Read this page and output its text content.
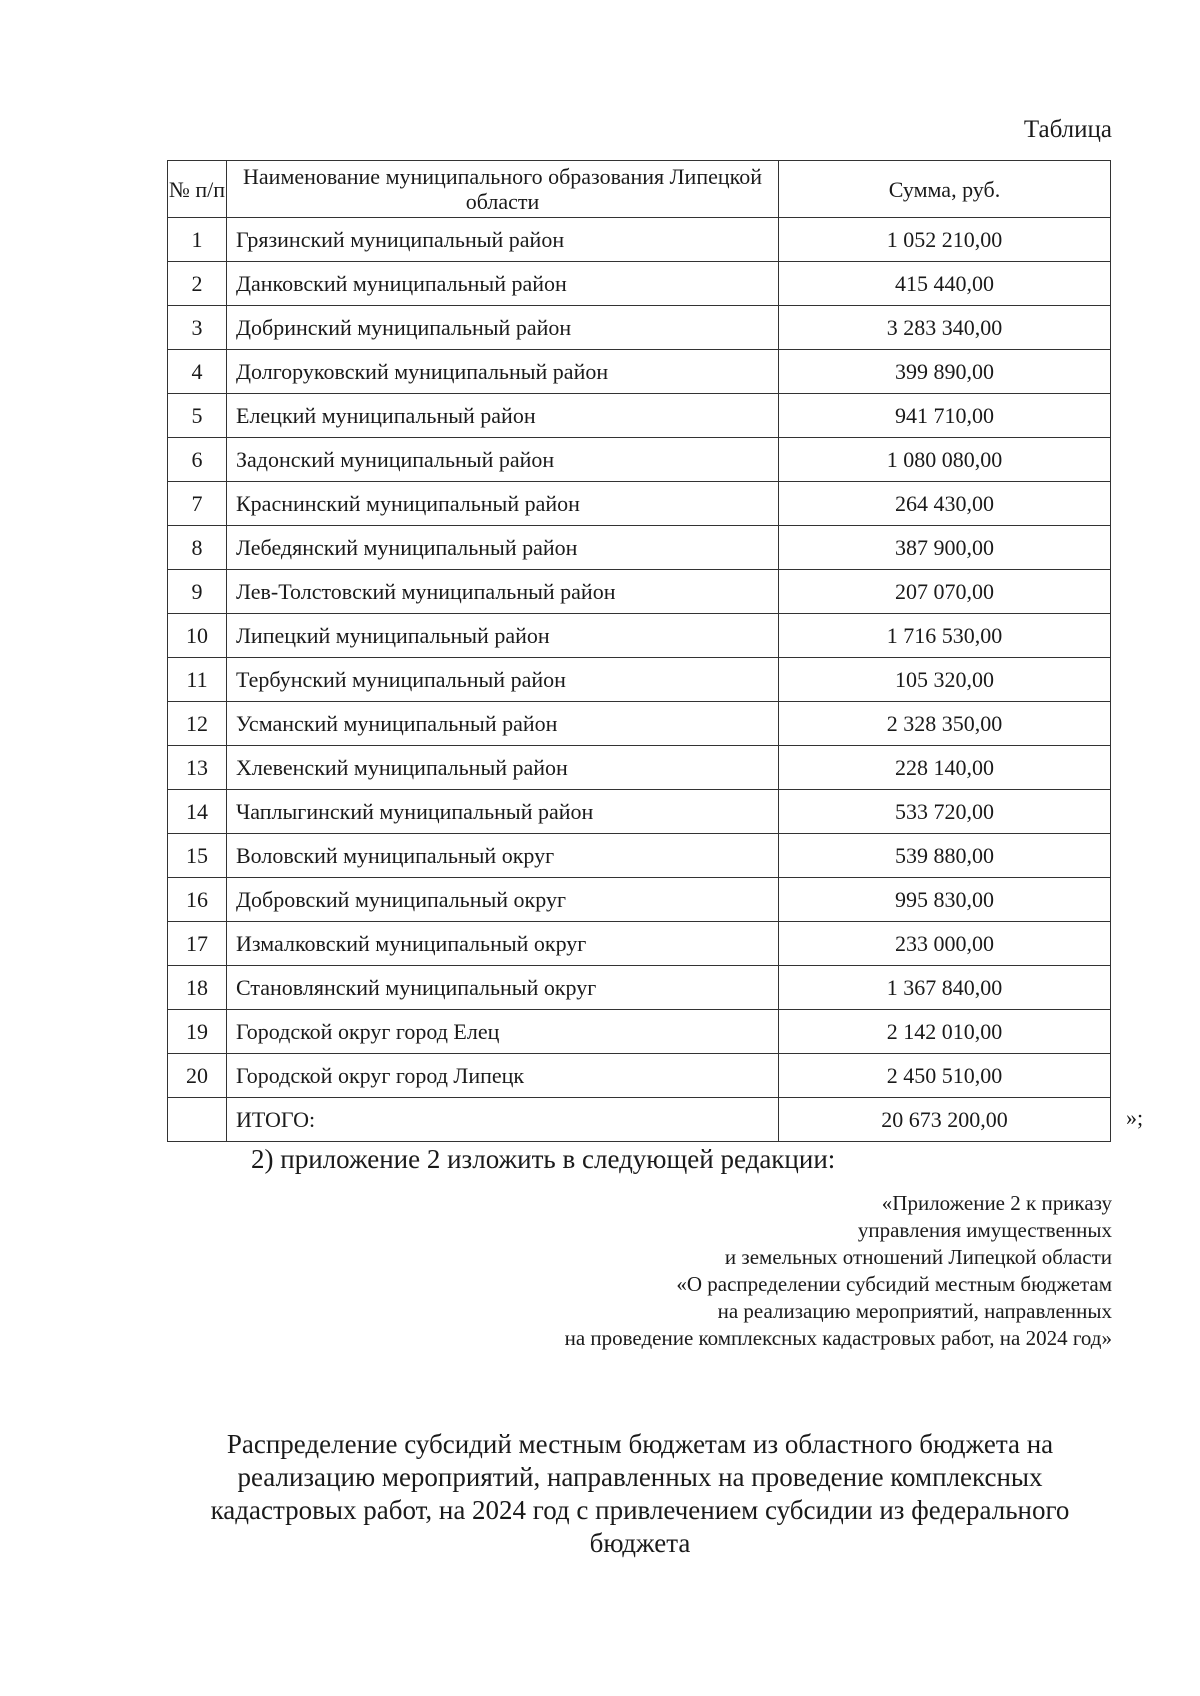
Таблица
№ п/п	Наименование муниципального образования Липецкой области	Сумма, руб.
1	Грязинский муниципальный район	1 052 210,00
2	Данковский муниципальный район	415 440,00
3	Добринский муниципальный район	3 283 340,00
4	Долгоруковский муниципальный район	399 890,00
5	Елецкий муниципальный район	941 710,00
6	Задонский муниципальный район	1 080 080,00
7	Краснинский муниципальный район	264 430,00
8	Лебедянский муниципальный район	387 900,00
9	Лев-Толстовский муниципальный район	207 070,00
10	Липецкий муниципальный район	1 716 530,00
11	Тербунский муниципальный район	105 320,00
12	Усманский муниципальный район	2 328 350,00
13	Хлевенский муниципальный район	228 140,00
14	Чаплыгинский муниципальный район	533 720,00
15	Воловский муниципальный округ	539 880,00
16	Добровский муниципальный округ	995 830,00
17	Измалковский муниципальный округ	233 000,00
18	Становлянский муниципальный округ	1 367 840,00
19	Городской округ город Елец	2 142 010,00
20	Городской округ город Липецк	2 450 510,00
	ИТОГО:	20 673 200,00	»;
2) приложение 2 изложить в следующей редакции:
«Приложение 2 к приказу
управления имущественных
и земельных отношений Липецкой области
«О распределении субсидий местным бюджетам
на реализацию мероприятий, направленных
на проведение комплексных кадастровых работ, на 2024 год»
Распределение субсидий местным бюджетам из областного бюджета на
реализацию мероприятий, направленных на проведение комплексных
кадастровых работ, на 2024 год с привлечением субсидии из федерального
бюджета
